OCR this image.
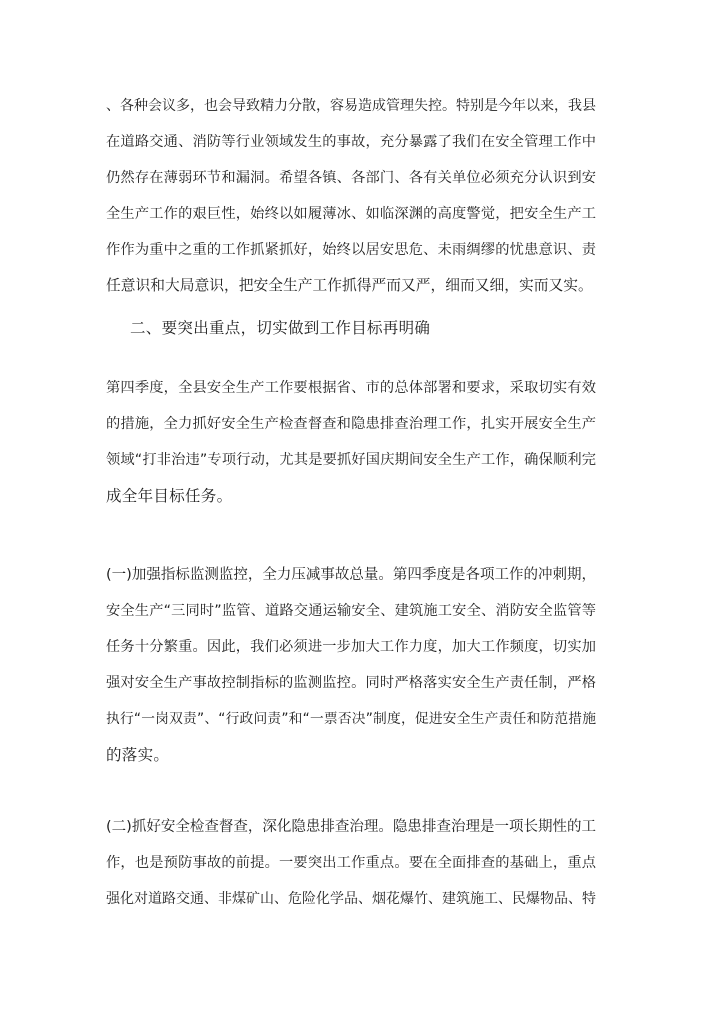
、各种会议多，也会导致精力分散，容易造成管理失控。特别是今年以来，我县
在道路交通、消防等行业领域发生的事故，充分暴露了我们在安全管理工作中
仍然存在薄弱环节和漏洞。希望各镇、各部门、各有关单位必须充分认识到安
全生产工作的艰巨性，始终以如履薄冰、如临深渊的高度警觉，把安全生产工
作作为重中之重的工作抓紧抓好，始终以居安思危、未雨绸缪的忧患意识、责
任意识和大局意识，把安全生产工作抓得严而又严，细而又细，实而又实。
二、要突出重点，切实做到工作目标再明确
第四季度，全县安全生产工作要根据省、市的总体部署和要求，采取切实有效
的措施，全力抓好安全生产检查督查和隐患排查治理工作，扎实开展安全生产
领域“打非治违”专项行动，尤其是要抓好国庆期间安全生产工作，确保顺利完
成全年目标任务。
(一)加强指标监测监控，全力压减事故总量。第四季度是各项工作的冲刺期，
安全生产“三同时”监管、道路交通运输安全、建筑施工安全、消防安全监管等
任务十分繁重。因此，我们必须进一步加大工作力度，加大工作频度，切实加
强对安全生产事故控制指标的监测监控。同时严格落实安全生产责任制，严格
执行“一岗双责”、“行政问责”和“一票否决”制度，促进安全生产责任和防范措施
的落实。
(二)抓好安全检查督查，深化隐患排查治理。隐患排查治理是一项长期性的工
作，也是预防事故的前提。一要突出工作重点。要在全面排查的基础上，重点
强化对道路交通、非煤矿山、危险化学品、烟花爆竹、建筑施工、民爆物品、特
